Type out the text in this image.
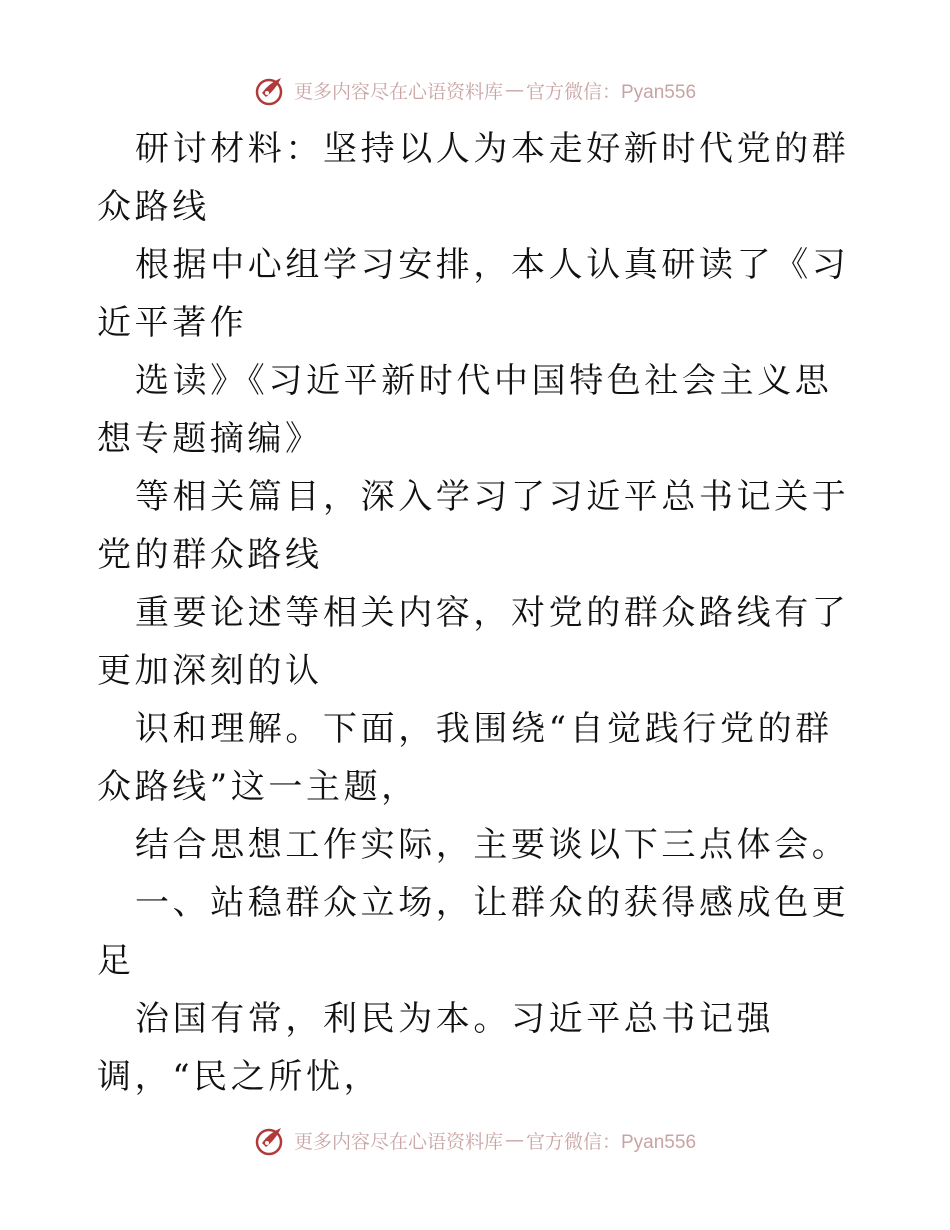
更多内容尽在心语资料库 — 官方微信：Pyan556

研讨材料：坚持以人为本走好新时代党的群众路线

根据中心组学习安排，本人认真研读了《习近平著作

选读》《习近平新时代中国特色社会主义思想专题摘编》

等相关篇目，深入学习了习近平总书记关于党的群众路线

重要论述等相关内容，对党的群众路线有了更加深刻的认

识和理解。下面，我围绕“自觉践行党的群众路线”这一主题，

结合思想工作实际，主要谈以下三点体会。

一、站稳群众立场，让群众的获得感成色更足

治国有常，利民为本。习近平总书记强调，“民之所忧，

更多内容尽在心语资料库 — 官方微信：Pyan556
